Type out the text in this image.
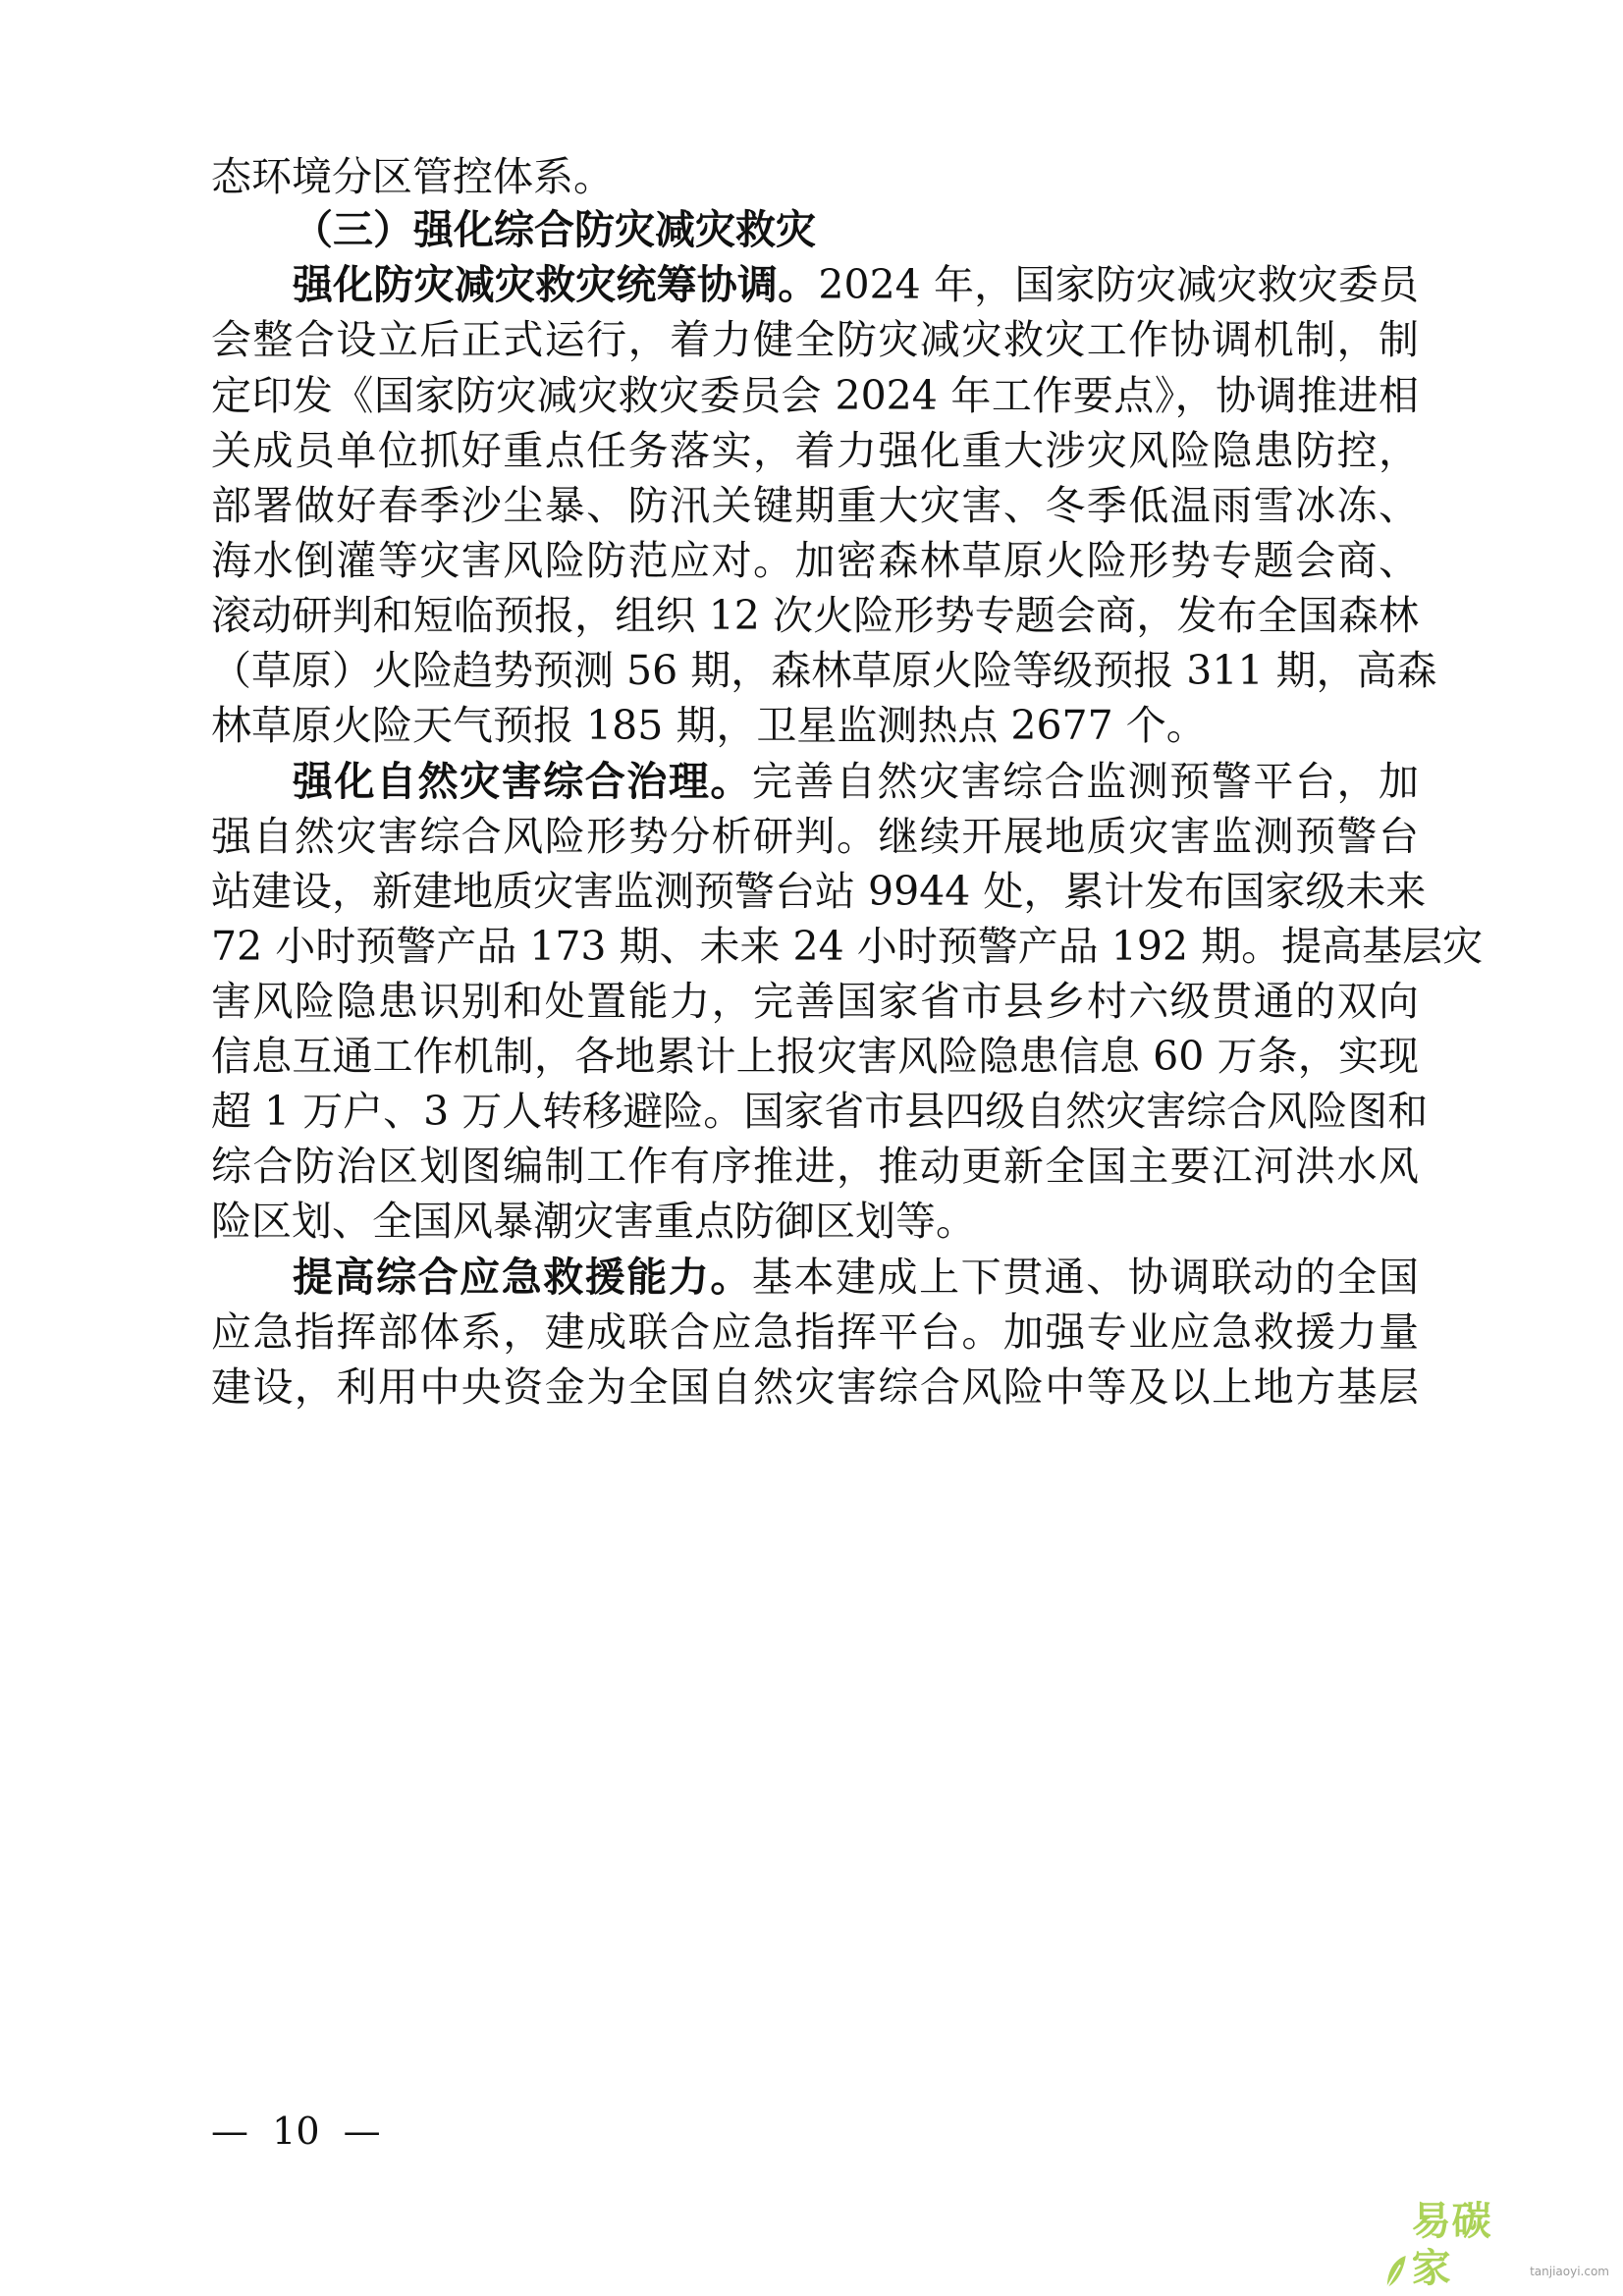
态环境分区管控体系。
（三）强化综合防灾减灾救灾
强化防灾减灾救灾统筹协调。2024 年，国家防灾减灾救灾委员
会整合设立后正式运行，着力健全防灾减灾救灾工作协调机制，制
定印发《国家防灾减灾救灾委员会 2024 年工作要点》，协调推进相
关成员单位抓好重点任务落实，着力强化重大涉灾风险隐患防控，
部署做好春季沙尘暴、防汛关键期重大灾害、冬季低温雨雪冰冻、
海水倒灌等灾害风险防范应对。加密森林草原火险形势专题会商、
滚动研判和短临预报，组织 12 次火险形势专题会商，发布全国森林
（草原）火险趋势预测 56 期，森林草原火险等级预报 311 期，高森
林草原火险天气预报 185 期，卫星监测热点 2677 个。
强化自然灾害综合治理。完善自然灾害综合监测预警平台，加
强自然灾害综合风险形势分析研判。继续开展地质灾害监测预警台
站建设，新建地质灾害监测预警台站 9944 处，累计发布国家级未来
72 小时预警产品 173 期、未来 24 小时预警产品 192 期。提高基层灾
害风险隐患识别和处置能力，完善国家省市县乡村六级贯通的双向
信息互通工作机制，各地累计上报灾害风险隐患信息 60 万条，实现
超 1 万户、3 万人转移避险。国家省市县四级自然灾害综合风险图和
综合防治区划图编制工作有序推进，推动更新全国主要江河洪水风
险区划、全国风暴潮灾害重点防御区划等。
提高综合应急救援能力。基本建成上下贯通、协调联动的全国
应急指挥部体系，建成联合应急指挥平台。加强专业应急救援力量
建设，利用中央资金为全国自然灾害综合风险中等及以上地方基层
—  10  —
易碳家	tanjiaoyi.com
